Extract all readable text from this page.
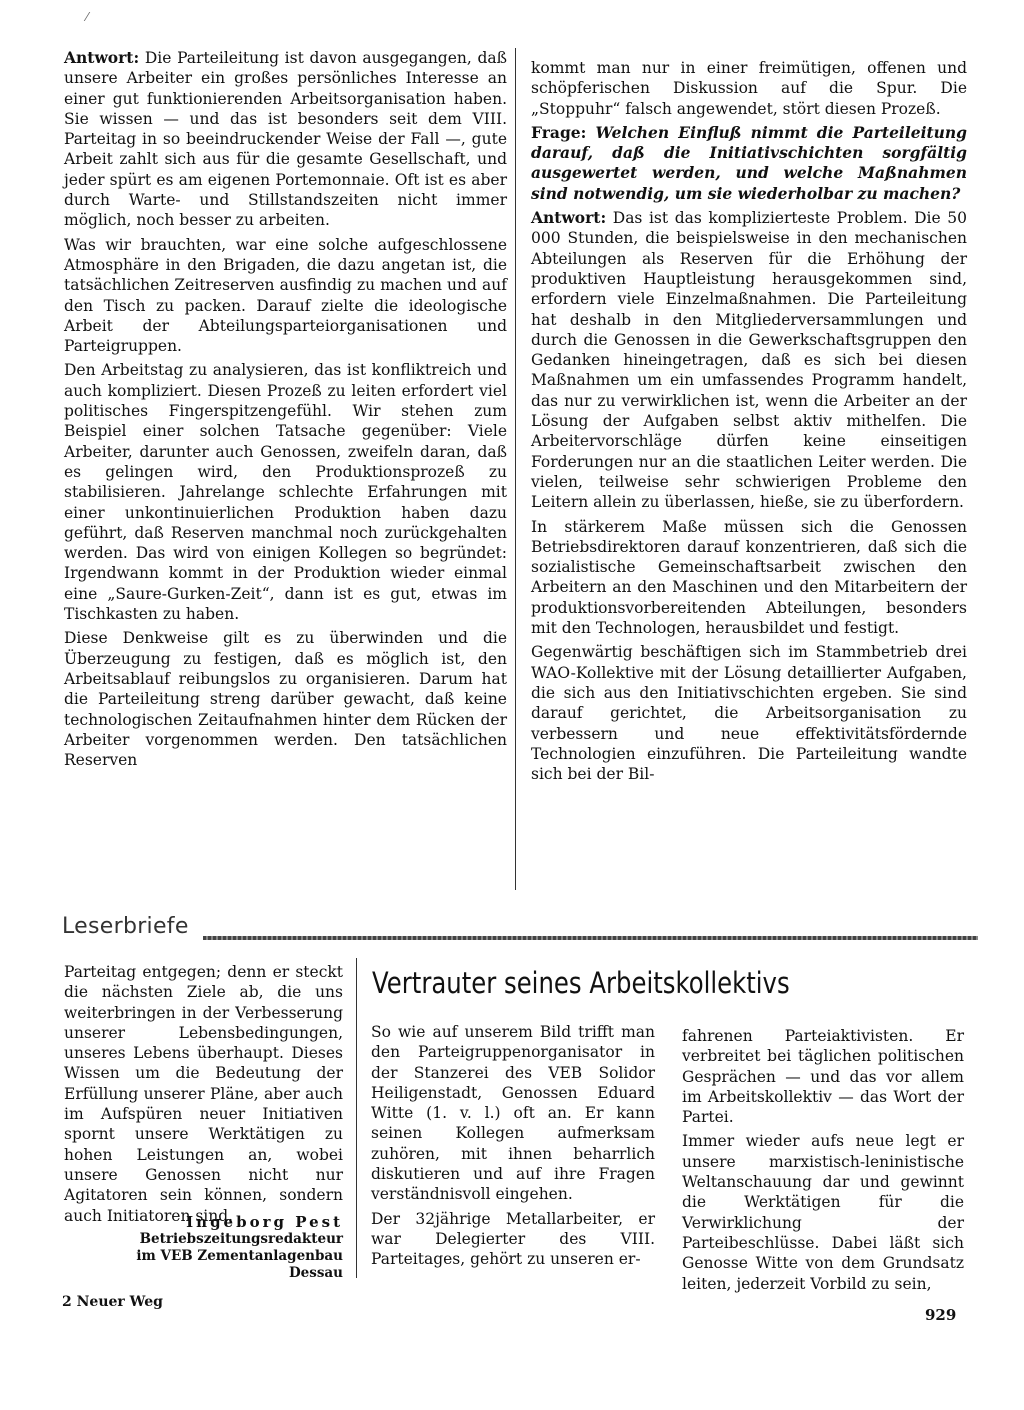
⁄

Antwort: Die Parteileitung ist davon ausgegangen, daß unsere Arbeiter ein großes persönliches Interesse an einer gut funktionierenden Arbeitsorganisation haben. Sie wissen — und das ist besonders seit dem VIII. Parteitag in so beeindruckender Weise der Fall —, gute Arbeit zahlt sich aus für die gesamte Gesellschaft, und jeder spürt es am eigenen Portemonnaie. Oft ist es aber durch Warte- und Stillstandszeiten nicht immer möglich, noch besser zu arbeiten.

Was wir brauchten, war eine solche aufgeschlossene Atmosphäre in den Brigaden, die dazu angetan ist, die tatsächlichen Zeitreserven ausfindig zu machen und auf den Tisch zu packen. Darauf zielte die ideologische Arbeit der Abteilungsparteiorganisationen und Parteigruppen.

Den Arbeitstag zu analysieren, das ist konfliktreich und auch kompliziert. Diesen Prozeß zu leiten erfordert viel politisches Fingerspitzengefühl. Wir stehen zum Beispiel einer solchen Tatsache gegenüber: Viele Arbeiter, darunter auch Genossen, zweifeln daran, daß es gelingen wird, den Produktionsprozeß zu stabilisieren. Jahrelange schlechte Erfahrungen mit einer unkontinuierlichen Produktion haben dazu geführt, daß Reserven manchmal noch zurückgehalten werden. Das wird von einigen Kollegen so begründet: Irgendwann kommt in der Produktion wieder einmal eine „Saure-Gurken-Zeit“, dann ist es gut, etwas im Tischkasten zu haben.

Diese Denkweise gilt es zu überwinden und die Überzeugung zu festigen, daß es möglich ist, den Arbeitsablauf reibungslos zu organisieren. Darum hat die Parteileitung streng darüber gewacht, daß keine technologischen Zeitaufnahmen hinter dem Rücken der Arbeiter vorgenommen werden. Den tatsächlichen Reserven

kommt man nur in einer freimütigen, offenen und schöpferischen Diskussion auf die Spur. Die „Stoppuhr“ falsch angewendet, stört diesen Prozeß.

Frage: Welchen Einfluß nimmt die Parteileitung darauf, daß die Initiativschichten sorgfältig ausgewertet werden, und welche Maßnahmen sind notwendig, um sie wiederholbar zu machen?

Antwort: Das ist das komplizierteste Problem. Die 50 000 Stunden, die beispielsweise in den mechanischen Abteilungen als Reserven für die Erhöhung der produktiven Hauptleistung herausgekommen sind, erfordern viele Einzelmaßnahmen. Die Parteileitung hat deshalb in den Mitgliederversammlungen und durch die Genossen in die Gewerkschaftsgruppen den Gedanken hineingetragen, daß es sich bei diesen Maßnahmen um ein umfassendes Programm handelt, das nur zu verwirklichen ist, wenn die Arbeiter an der Lösung der Aufgaben selbst aktiv mithelfen. Die Arbeitervorschläge dürfen keine einseitigen Forderungen nur an die staatlichen Leiter werden. Die vielen, teilweise sehr schwierigen Probleme den Leitern allein zu überlassen, hieße, sie zu überfordern.

In stärkerem Maße müssen sich die Genossen Betriebsdirektoren darauf konzentrieren, daß sich die sozialistische Gemeinschaftsarbeit zwischen den Arbeitern an den Maschinen und den Mitarbeitern der produktionsvorbereitenden Abteilungen, besonders mit den Technologen, herausbildet und festigt.

Gegenwärtig beschäftigen sich im Stammbetrieb drei WAO-Kollektive mit der Lösung detaillierter Aufgaben, die sich aus den Initiativschichten ergeben. Sie sind darauf gerichtet, die Arbeitsorganisation zu verbessern und neue effektivitätsfördernde Technologien einzuführen. Die Parteileitung wandte sich bei der Bil-

Leserbriefe

Parteitag entgegen; denn er steckt die nächsten Ziele ab, die uns weiterbringen in der Verbesserung unserer Lebensbedingungen, unseres Lebens überhaupt. Dieses Wissen um die Bedeutung der Erfüllung unserer Pläne, aber auch im Aufspüren neuer Initiativen spornt unsere Werktätigen zu hohen Leistungen an, wobei unsere Genossen nicht nur Agitatoren sein können, sondern auch Initiatoren sind.

Ingeborg Pest
Betriebszeitungsredakteur
im VEB Zementanlagenbau
Dessau
Vertrauter seines Arbeitskollektivs

So wie auf unserem Bild trifft man den Parteigruppenorganisator in der Stanzerei des VEB Solidor Heiligenstadt, Genossen Eduard Witte (1. v. l.) oft an. Er kann seinen Kollegen aufmerksam zuhören, mit ihnen beharrlich diskutieren und auf ihre Fragen verständnisvoll eingehen.

Der 32jährige Metallarbeiter, er war Delegierter des VIII. Parteitages, gehört zu unseren er-

fahrenen Parteiaktivisten. Er verbreitet bei täglichen politischen Gesprächen — und das vor allem im Arbeitskollektiv — das Wort der Partei.

Immer wieder aufs neue legt er unsere marxistisch-leninistische Weltanschauung dar und gewinnt die Werktätigen für die Verwirklichung der Parteibeschlüsse. Dabei läßt sich Genosse Witte von dem Grundsatz leiten, jederzeit Vorbild zu sein,

2 Neuer Weg
929
